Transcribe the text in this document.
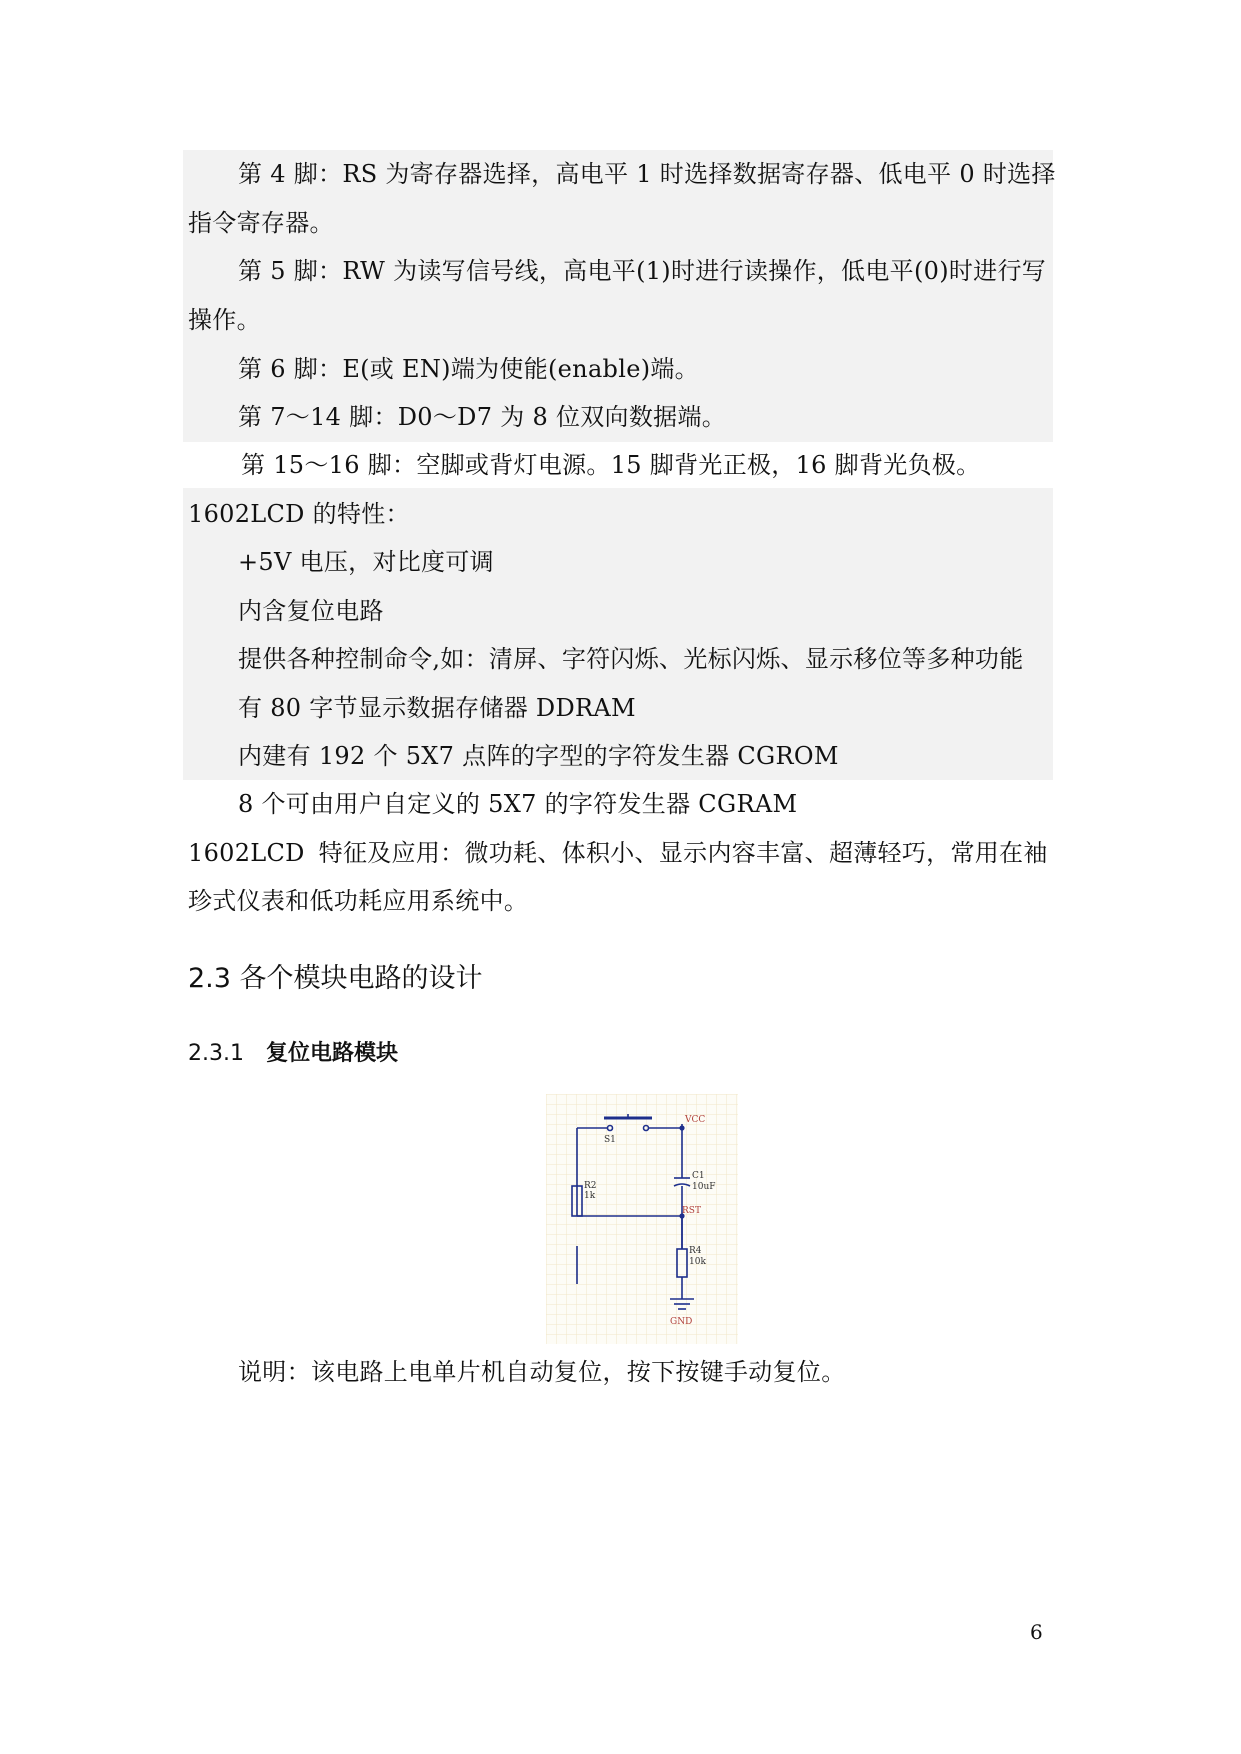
第 4 脚：RS 为寄存器选择，高电平 1 时选择数据寄存器、低电平 0 时选择
指令寄存器。
第 5 脚：RW 为读写信号线，高电平(1)时进行读操作，低电平(0)时进行写
操作。
第 6 脚：E(或 EN)端为使能(enable)端。
第 7～14 脚：D0～D7 为 8 位双向数据端。
第 15～16 脚：空脚或背灯电源。15 脚背光正极，16 脚背光负极。
1602LCD 的特性：
+5V 电压，对比度可调
内含复位电路
提供各种控制命令,如：清屏、字符闪烁、光标闪烁、显示移位等多种功能
有 80 字节显示数据存储器 DDRAM
内建有 192 个 5X7 点阵的字型的字符发生器 CGROM
8 个可由用户自定义的 5X7 的字符发生器 CGRAM
1602LCD 特征及应用：微功耗、体积小、显示内容丰富、超薄轻巧，常用在袖
珍式仪表和低功耗应用系统中。
2.3 各个模块电路的设计
2.3.1 复位电路模块
S1
VCC
R2
1k
C1
10uF
RST
R4
10k
GND
说明：该电路上电单片机自动复位，按下按键手动复位。
6
